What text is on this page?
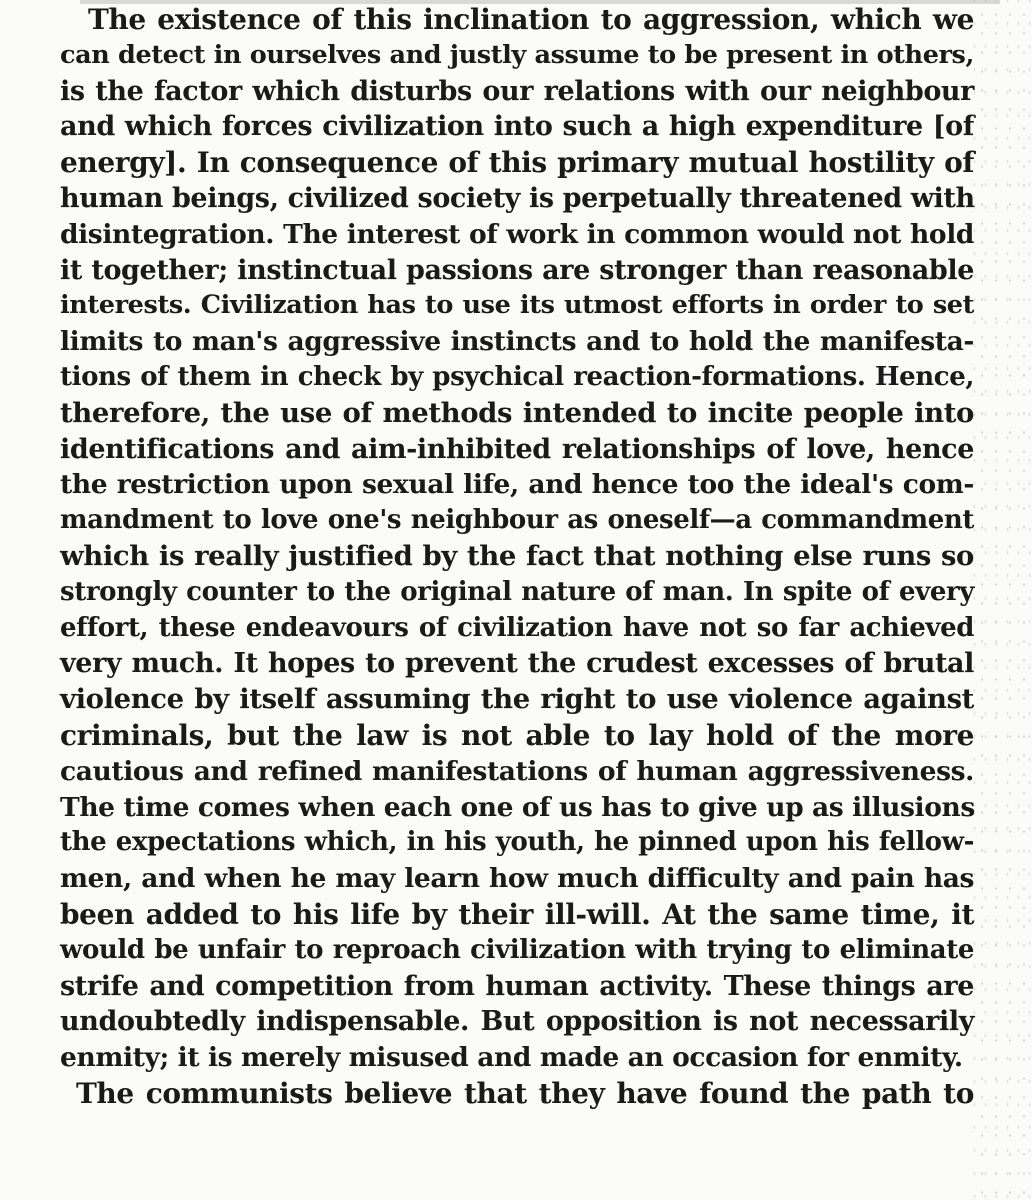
The existence of this inclination to aggression, which we
can detect in ourselves and justly assume to be present in others,
is the factor which disturbs our relations with our neighbour
and which forces civilization into such a high expenditure [of
energy]. In consequence of this primary mutual hostility of
human beings, civilized society is perpetually threatened with
disintegration. The interest of work in common would not hold
it together; instinctual passions are stronger than reasonable
interests. Civilization has to use its utmost efforts in order to set
limits to man's aggressive instincts and to hold the manifesta-
tions of them in check by psychical reaction-formations. Hence,
therefore, the use of methods intended to incite people into
identifications and aim-inhibited relationships of love, hence
the restriction upon sexual life, and hence too the ideal's com-
mandment to love one's neighbour as oneself—a commandment
which is really justified by the fact that nothing else runs so
strongly counter to the original nature of man. In spite of every
effort, these endeavours of civilization have not so far achieved
very much. It hopes to prevent the crudest excesses of brutal
violence by itself assuming the right to use violence against
criminals, but the law is not able to lay hold of the more
cautious and refined manifestations of human aggressiveness.
The time comes when each one of us has to give up as illusions
the expectations which, in his youth, he pinned upon his fellow-
men, and when he may learn how much difficulty and pain has
been added to his life by their ill-will. At the same time, it
would be unfair to reproach civilization with trying to eliminate
strife and competition from human activity. These things are
undoubtedly indispensable. But opposition is not necessarily
enmity; it is merely misused and made an occasion for enmity.
The communists believe that they have found the path to
